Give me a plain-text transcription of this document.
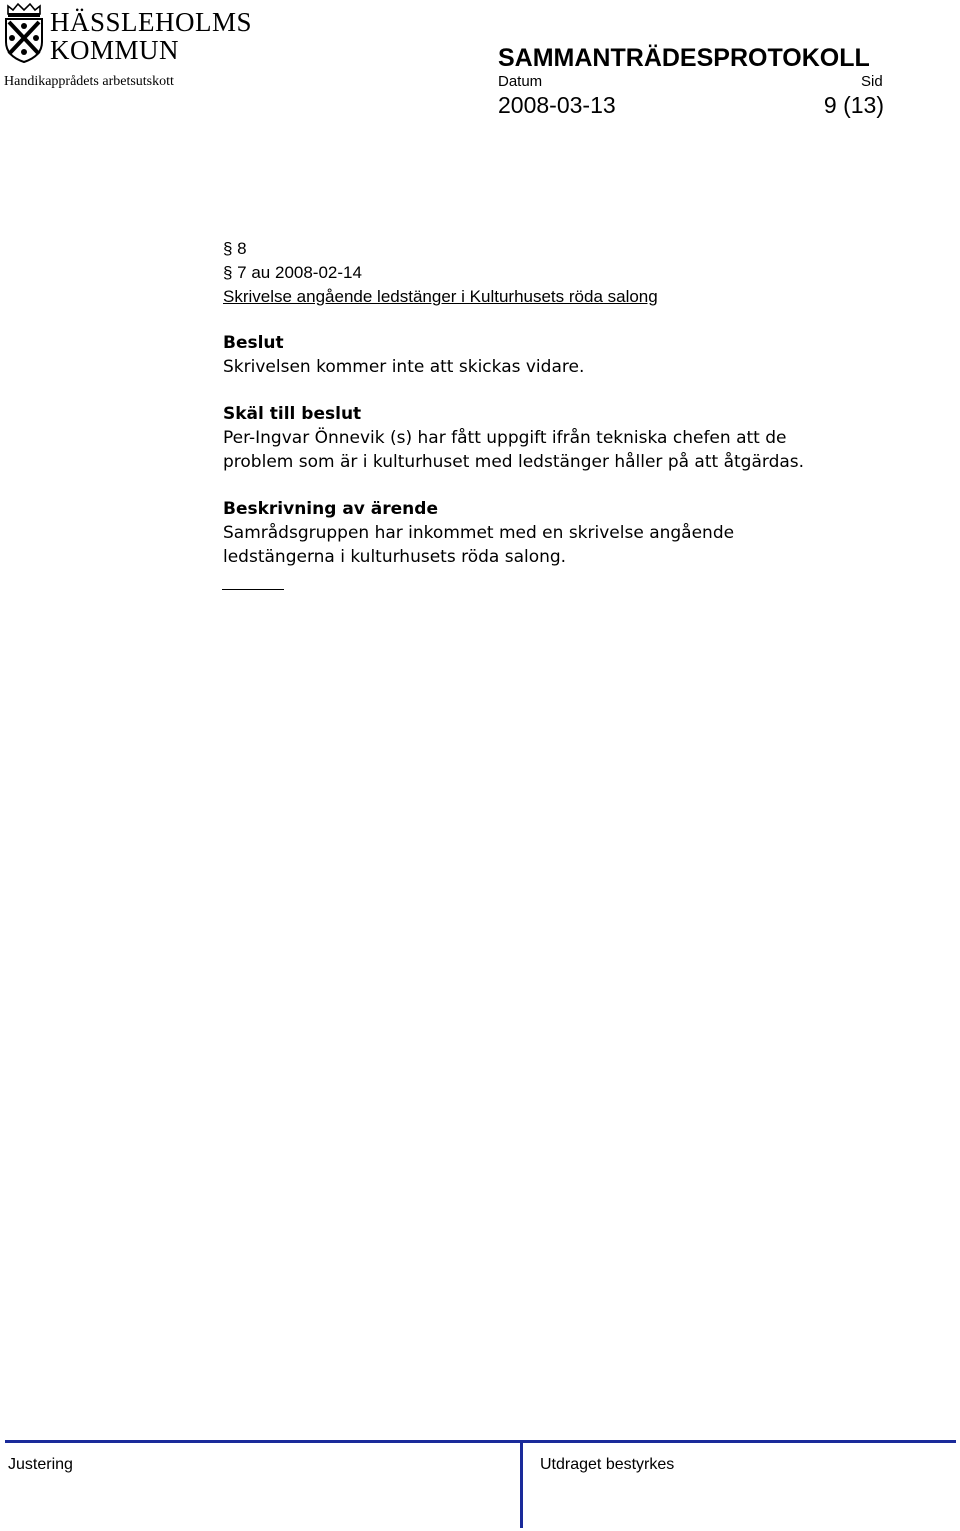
HÄSSLEHOLMS
KOMMUN
Handikapprådets arbetsutskott
SAMMANTRÄDESPROTOKOLL
Datum	Sid
2008-03-13	9 (13)
§ 8
§ 7 au 2008-02-14
Skrivelse angående ledstänger i Kulturhusets röda salong
Beslut
Skrivelsen kommer inte att skickas vidare.
Skäl till beslut
Per-Ingvar Önnevik (s) har fått uppgift ifrån tekniska chefen att de
problem som är i kulturhuset med ledstänger håller på att åtgärdas.
Beskrivning av ärende
Samrådsgruppen har inkommet med en skrivelse angående
ledstängerna i kulturhusets röda salong.
Justering	Utdraget bestyrkes
